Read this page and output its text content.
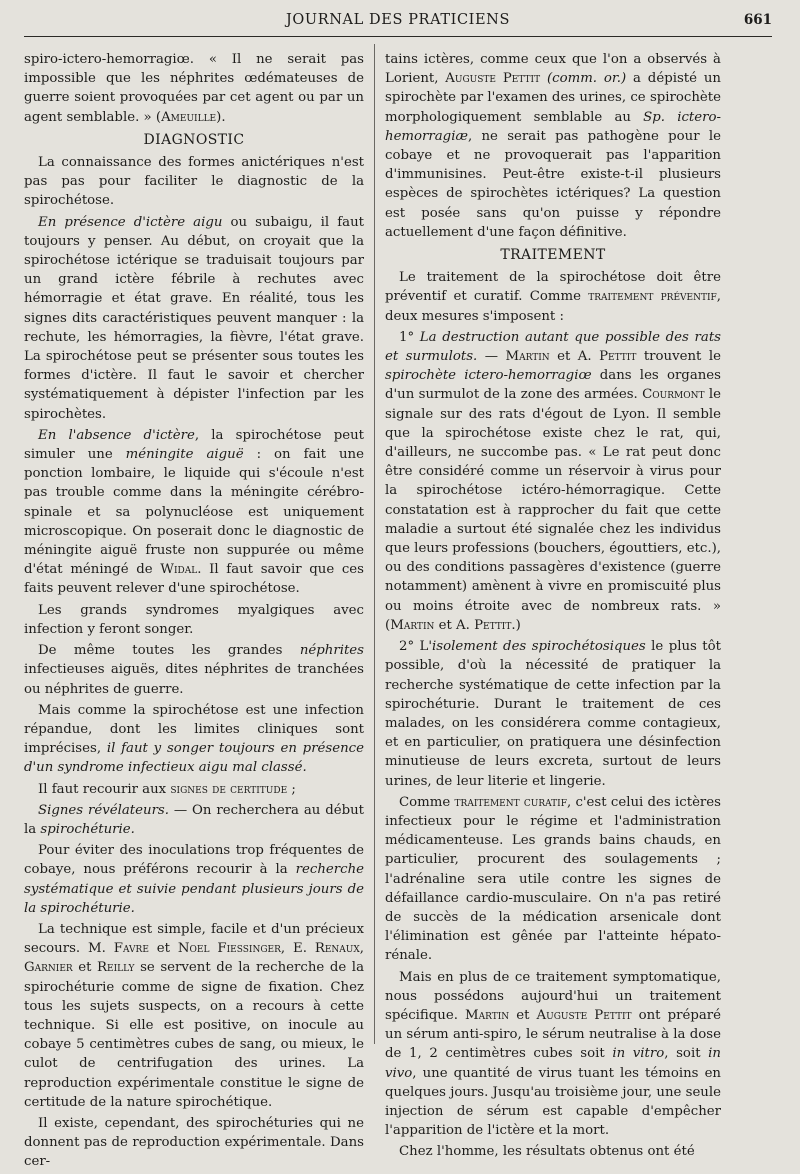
JOURNAL DES PRATICIENS	661

spiro-ictero-hemorragiœ. « Il ne serait pas impossible que les néphrites œdémateuses de guerre soient provoquées par cet agent ou par un agent semblable. » (Ameuille).

DIAGNOSTIC

La connaissance des formes anictériques n'est pas pas pour faciliter le diagnostic de la spirochétose.

En présence d'ictère aigu ou subaigu, il faut toujours y penser. Au début, on croyait que la spirochétose ictérique se traduisait toujours par un grand ictère fébrile à rechutes avec hémorragie et état grave. En réalité, tous les signes dits caractéristiques peuvent manquer : la rechute, les hémorragies, la fièvre, l'état grave. La spirochétose peut se présenter sous toutes les formes d'ictère. Il faut le savoir et chercher systématiquement à dépister l'infection par les spirochètes.

En l'absence d'ictère, la spirochétose peut simuler une méningite aiguë : on fait une ponction lombaire, le liquide qui s'écoule n'est pas trouble comme dans la méningite cérébro-spinale et sa polynucléose est uniquement microscopique. On poserait donc le diagnostic de méningite aiguë fruste non suppurée ou même d'état méningé de Widal. Il faut savoir que ces faits peuvent relever d'une spirochétose.

Les grands syndromes myalgiques avec infection y feront songer.

De même toutes les grandes néphrites infectieuses aiguës, dites néphrites de tranchées ou néphrites de guerre.

Mais comme la spirochétose est une infection répandue, dont les limites cliniques sont imprécises, il faut y songer toujours en présence d'un syndrome infectieux aigu mal classé.

Il faut recourir aux signes de certitude ;

Signes révélateurs. — On recherchera au début la spirochéturie.

Pour éviter des inoculations trop fréquentes de cobaye, nous préférons recourir à la recherche systématique et suivie pendant plusieurs jours de la spirochéturie.

La technique est simple, facile et d'un précieux secours. M. Favre et Noel Fiessinger, E. Renaux, Garnier et Reilly se servent de la recherche de la spirochéturie comme de signe de fixation. Chez tous les sujets suspects, on a recours à cette technique. Si elle est positive, on inocule au cobaye 5 centimètres cubes de sang, ou mieux, le culot de centrifugation des urines. La reproduction expérimentale constitue le signe de certitude de la nature spirochétique.

Il existe, cependant, des spirochéturies qui ne donnent pas de reproduction expérimentale. Dans cer-

tains ictères, comme ceux que l'on a observés à Lorient, Auguste Pettit (comm. or.) a dépisté un spirochète par l'examen des urines, ce spirochète morphologiquement semblable au Sp. ictero-hemorragiæ, ne serait pas pathogène pour le cobaye et ne provoquerait pas l'apparition d'immunisines. Peut-être existe-t-il plusieurs espèces de spirochètes ictériques? La question est posée sans qu'on puisse y répondre actuellement d'une façon définitive.

TRAITEMENT

Le traitement de la spirochétose doit être préventif et curatif. Comme traitement préventif, deux mesures s'imposent :

1° La destruction autant que possible des rats et surmulots. — Martin et A. Pettit trouvent le spirochète ictero-hemorragiœ dans les organes d'un surmulot de la zone des armées. Courmont le signale sur des rats d'égout de Lyon. Il semble que la spirochétose existe chez le rat, qui, d'ailleurs, ne succombe pas. « Le rat peut donc être considéré comme un réservoir à virus pour la spirochétose ictéro-hémorragique. Cette constatation est à rapprocher du fait que cette maladie a surtout été signalée chez les individus que leurs professions (bouchers, égouttiers, etc.), ou des conditions passagères d'existence (guerre notamment) amènent à vivre en promiscuité plus ou moins étroite avec de nombreux rats. » (Martin et A. Pettit.)

2° L'isolement des spirochétosiques le plus tôt possible, d'où la nécessité de pratiquer la recherche systématique de cette infection par la spirochéturie. Durant le traitement de ces malades, on les considérera comme contagieux, et en particulier, on pratiquera une désinfection minutieuse de leurs excreta, surtout de leurs urines, de leur literie et lingerie.

Comme traitement curatif, c'est celui des ictères infectieux pour le régime et l'administration médicamenteuse. Les grands bains chauds, en particulier, procurent des soulagements ; l'adrénaline sera utile contre les signes de défaillance cardio-musculaire. On n'a pas retiré de succès de la médication arsenicale dont l'élimination est gênée par l'atteinte hépato-rénale.

Mais en plus de ce traitement symptomatique, nous possédons aujourd'hui un traitement spécifique. Martin et Auguste Pettit ont préparé un sérum anti-spiro, le sérum neutralise à la dose de 1, 2 centimètres cubes soit in vitro, soit in vivo, une quantité de virus tuant les témoins en quelques jours. Jusqu'au troisième jour, une seule injection de sérum est capable d'empêcher l'apparition de l'ictère et la mort.

Chez l'homme, les résultats obtenus ont été
